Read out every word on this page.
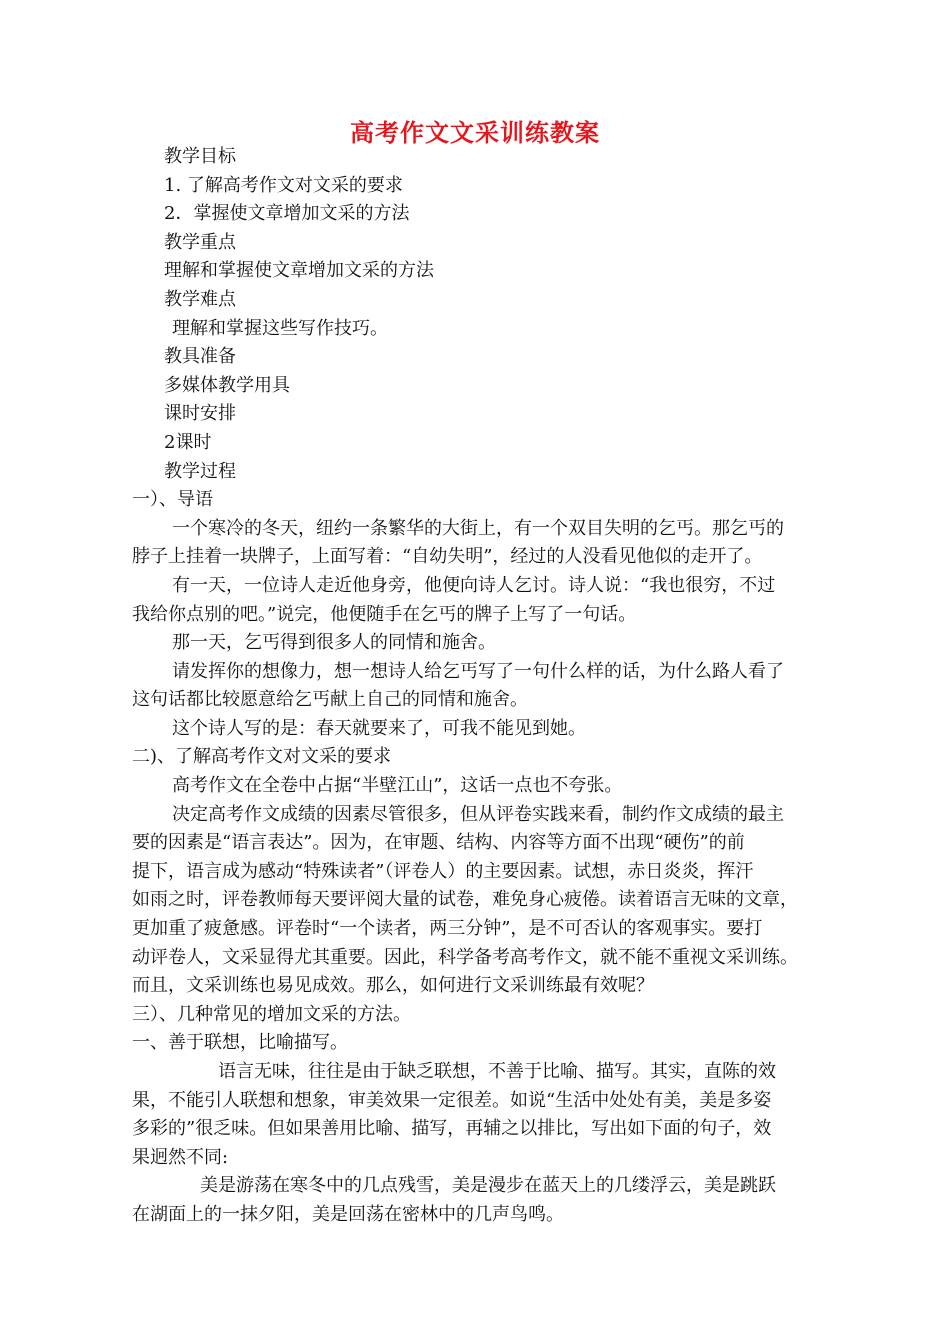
高考作文文采训练教案
教学目标
1. 了解高考作文对文采的要求
2．掌握使文章增加文采的方法
教学重点
理解和掌握使文章增加文采的方法
教学难点
理解和掌握这些写作技巧。
教具准备
多媒体教学用具
课时安排
2课时
教学过程
一）、导语
一个寒冷的冬天，纽约一条繁华的大街上，有一个双目失明的乞丐。那乞丐的
脖子上挂着一块牌子，上面写着：“自幼失明”，经过的人没看见他似的走开了。
有一天，一位诗人走近他身旁，他便向诗人乞讨。诗人说：“我也很穷，不过
我给你点别的吧。”说完，他便随手在乞丐的牌子上写了一句话。
那一天，乞丐得到很多人的同情和施舍。
请发挥你的想像力，想一想诗人给乞丐写了一句什么样的话，为什么路人看了
这句话都比较愿意给乞丐献上自己的同情和施舍。
这个诗人写的是：春天就要来了，可我不能见到她。
二)、了解高考作文对文采的要求
高考作文在全卷中占据“半壁江山”，这话一点也不夸张。
决定高考作文成绩的因素尽管很多，但从评卷实践来看，制约作文成绩的最主
要的因素是“语言表达”。因为，在审题、结构、内容等方面不出现“硬伤”的前
提下，语言成为感动“特殊读者”（评卷人）的主要因素。试想，赤日炎炎，挥汗
如雨之时，评卷教师每天要评阅大量的试卷，难免身心疲倦。读着语言无味的文章，
更加重了疲惫感。评卷时“一个读者，两三分钟”，是不可否认的客观事实。要打
动评卷人，文采显得尤其重要。因此，科学备考高考作文，就不能不重视文采训练。
而且，文采训练也易见成效。那么，如何进行文采训练最有效呢？
三）、几种常见的增加文采的方法。
一、善于联想，比喻描写。
语言无味，往往是由于缺乏联想，不善于比喻、描写。其实，直陈的效
果，不能引人联想和想象，审美效果一定很差。如说“生活中处处有美，美是多姿
多彩的”很乏味。但如果善用比喻、描写，再辅之以排比，写出如下面的句子，效
果迥然不同:
美是游荡在寒冬中的几点残雪，美是漫步在蓝天上的几缕浮云，美是跳跃
在湖面上的一抹夕阳，美是回荡在密林中的几声鸟鸣。
